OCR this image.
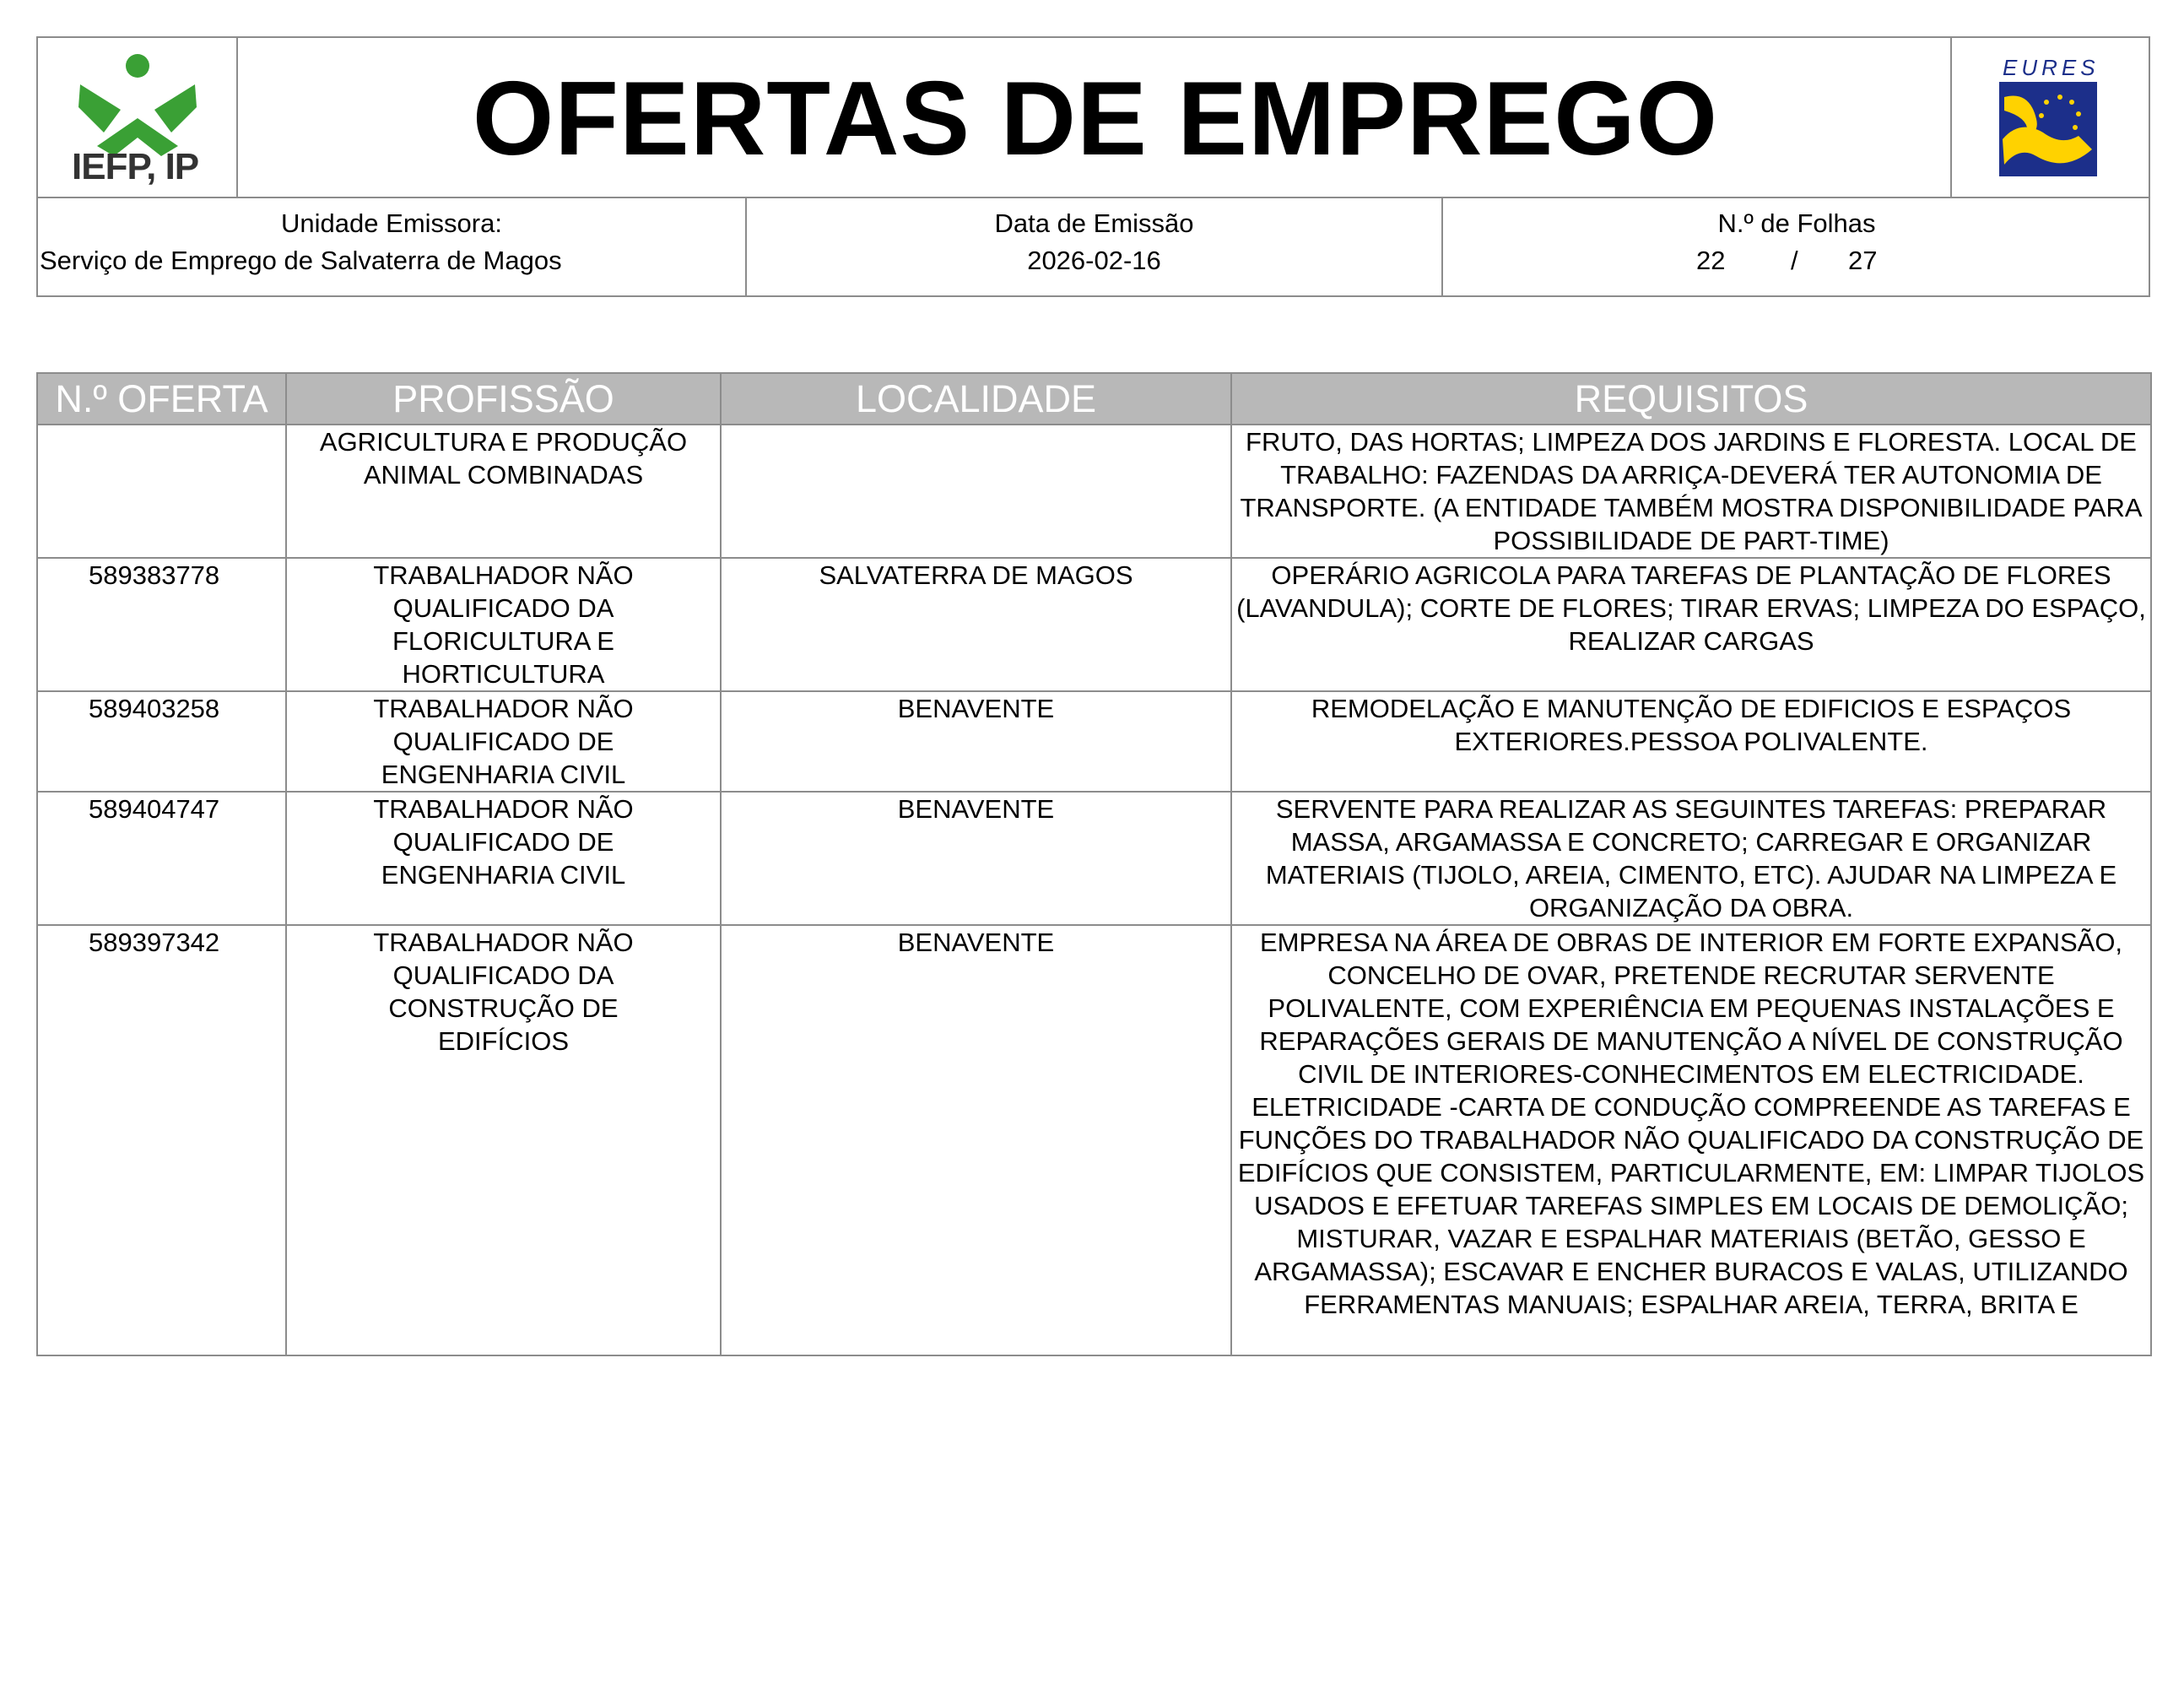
IEFP, IP	OFERTAS DE EMPREGO	EURES
Unidade Emissora:
Serviço de Emprego de Salvaterra de Magos
Data de Emissão
2026-02-16
N.º de Folhas
22	/ 27
N.º OFERTA	PROFISSÃO	LOCALIDADE	REQUISITOS
	AGRICULTURA E PRODUÇÃO ANIMAL COMBINADAS		FRUTO, DAS HORTAS; LIMPEZA DOS JARDINS E FLORESTA. LOCAL DE TRABALHO: FAZENDAS DA ARRIÇA-DEVERÁ TER AUTONOMIA DE TRANSPORTE. (A ENTIDADE TAMBÉM MOSTRA DISPONIBILIDADE PARA POSSIBILIDADE DE PART-TIME)
589383778	TRABALHADOR NÃO QUALIFICADO DA FLORICULTURA E HORTICULTURA	SALVATERRA DE MAGOS	OPERÁRIO AGRICOLA PARA TAREFAS DE PLANTAÇÃO DE FLORES (LAVANDULA); CORTE DE FLORES; TIRAR ERVAS; LIMPEZA DO ESPAÇO, REALIZAR CARGAS
589403258	TRABALHADOR NÃO QUALIFICADO DE ENGENHARIA CIVIL	BENAVENTE	REMODELAÇÃO E MANUTENÇÃO DE EDIFICIOS E ESPAÇOS EXTERIORES.PESSOA POLIVALENTE.
589404747	TRABALHADOR NÃO QUALIFICADO DE ENGENHARIA CIVIL	BENAVENTE	SERVENTE PARA REALIZAR AS SEGUINTES TAREFAS: PREPARAR MASSA, ARGAMASSA E CONCRETO; CARREGAR E ORGANIZAR MATERIAIS (TIJOLO, AREIA, CIMENTO, ETC). AJUDAR NA LIMPEZA E ORGANIZAÇÃO DA OBRA.
589397342	TRABALHADOR NÃO QUALIFICADO DA CONSTRUÇÃO DE EDIFÍCIOS	BENAVENTE	EMPRESA NA ÁREA DE OBRAS DE INTERIOR EM FORTE EXPANSÃO, CONCELHO DE OVAR, PRETENDE RECRUTAR SERVENTE POLIVALENTE, COM EXPERIÊNCIA EM PEQUENAS INSTALAÇÕES E REPARAÇÕES GERAIS DE MANUTENÇÃO A NÍVEL DE CONSTRUÇÃO CIVIL DE INTERIORES-CONHECIMENTOS EM ELECTRICIDADE. ELETRICIDADE -CARTA DE CONDUÇÃO COMPREENDE AS TAREFAS E FUNÇÕES DO TRABALHADOR NÃO QUALIFICADO DA CONSTRUÇÃO DE EDIFÍCIOS QUE CONSISTEM, PARTICULARMENTE, EM: LIMPAR TIJOLOS USADOS E EFETUAR TAREFAS SIMPLES EM LOCAIS DE DEMOLIÇÃO; MISTURAR, VAZAR E ESPALHAR MATERIAIS (BETÃO, GESSO E ARGAMASSA); ESCAVAR E ENCHER BURACOS E VALAS, UTILIZANDO FERRAMENTAS MANUAIS; ESPALHAR AREIA, TERRA, BRITA E
